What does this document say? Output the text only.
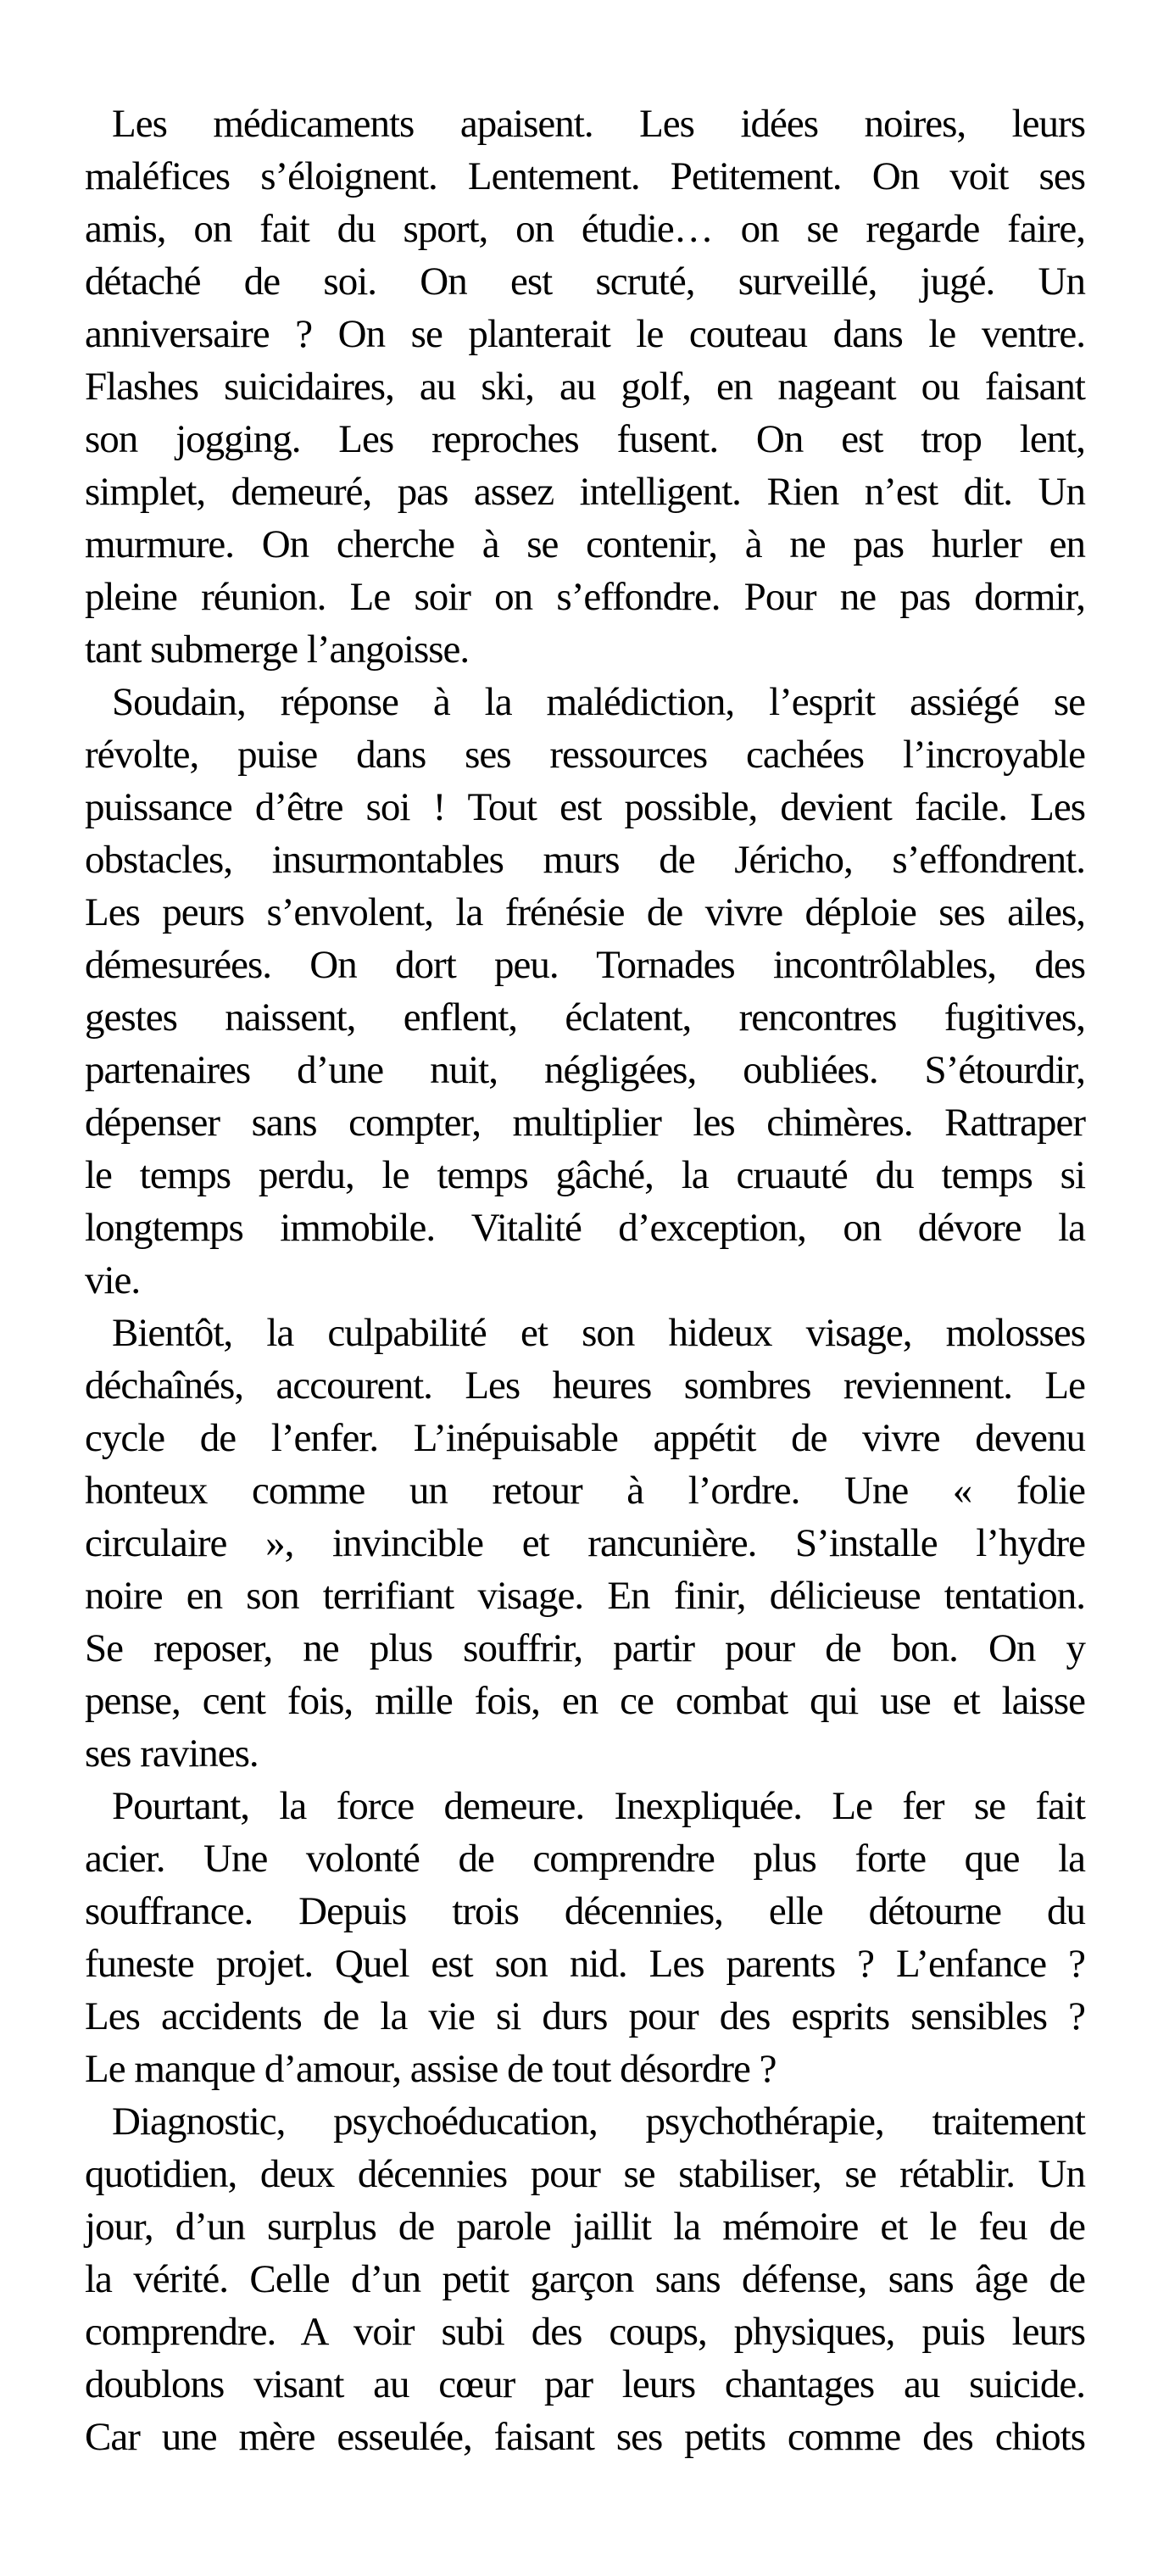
Les médicaments apaisent. Les idées noires, leurs
maléfices s’éloignent. Lentement. Petitement. On voit ses
amis, on fait du sport, on étudie… on se regarde faire,
détaché de soi. On est scruté, surveillé, jugé. Un
anniversaire ? On se planterait le couteau dans le ventre.
Flashes suicidaires, au ski, au golf, en nageant ou faisant
son jogging. Les reproches fusent. On est trop lent,
simplet, demeuré, pas assez intelligent. Rien n’est dit. Un
murmure. On cherche à se contenir, à ne pas hurler en
pleine réunion. Le soir on s’effondre. Pour ne pas dormir,
tant submerge l’angoisse.
Soudain, réponse à la malédiction, l’esprit assiégé se
révolte, puise dans ses ressources cachées l’incroyable
puissance d’être soi ! Tout est possible, devient facile. Les
obstacles, insurmontables murs de Jéricho, s’effondrent.
Les peurs s’envolent, la frénésie de vivre déploie ses ailes,
démesurées. On dort peu. Tornades incontrôlables, des
gestes naissent, enflent, éclatent, rencontres fugitives,
partenaires d’une nuit, négligées, oubliées. S’étourdir,
dépenser sans compter, multiplier les chimères. Rattraper
le temps perdu, le temps gâché, la cruauté du temps si
longtemps immobile. Vitalité d’exception, on dévore la
vie.
Bientôt, la culpabilité et son hideux visage, molosses
déchaînés, accourent. Les heures sombres reviennent. Le
cycle de l’enfer. L’inépuisable appétit de vivre devenu
honteux comme un retour à l’ordre. Une « folie
circulaire », invincible et rancunière. S’installe l’hydre
noire en son terrifiant visage. En finir, délicieuse tentation.
Se reposer, ne plus souffrir, partir pour de bon. On y
pense, cent fois, mille fois, en ce combat qui use et laisse
ses ravines.
Pourtant, la force demeure. Inexpliquée. Le fer se fait
acier. Une volonté de comprendre plus forte que la
souffrance. Depuis trois décennies, elle détourne du
funeste projet. Quel est son nid. Les parents ? L’enfance ?
Les accidents de la vie si durs pour des esprits sensibles ?
Le manque d’amour, assise de tout désordre ?
Diagnostic, psychoéducation, psychothérapie, traitement
quotidien, deux décennies pour se stabiliser, se rétablir. Un
jour, d’un surplus de parole jaillit la mémoire et le feu de
la vérité. Celle d’un petit garçon sans défense, sans âge de
comprendre. A voir subi des coups, physiques, puis leurs
doublons visant au cœur par leurs chantages au suicide.
Car une mère esseulée, faisant ses petits comme des chiots
